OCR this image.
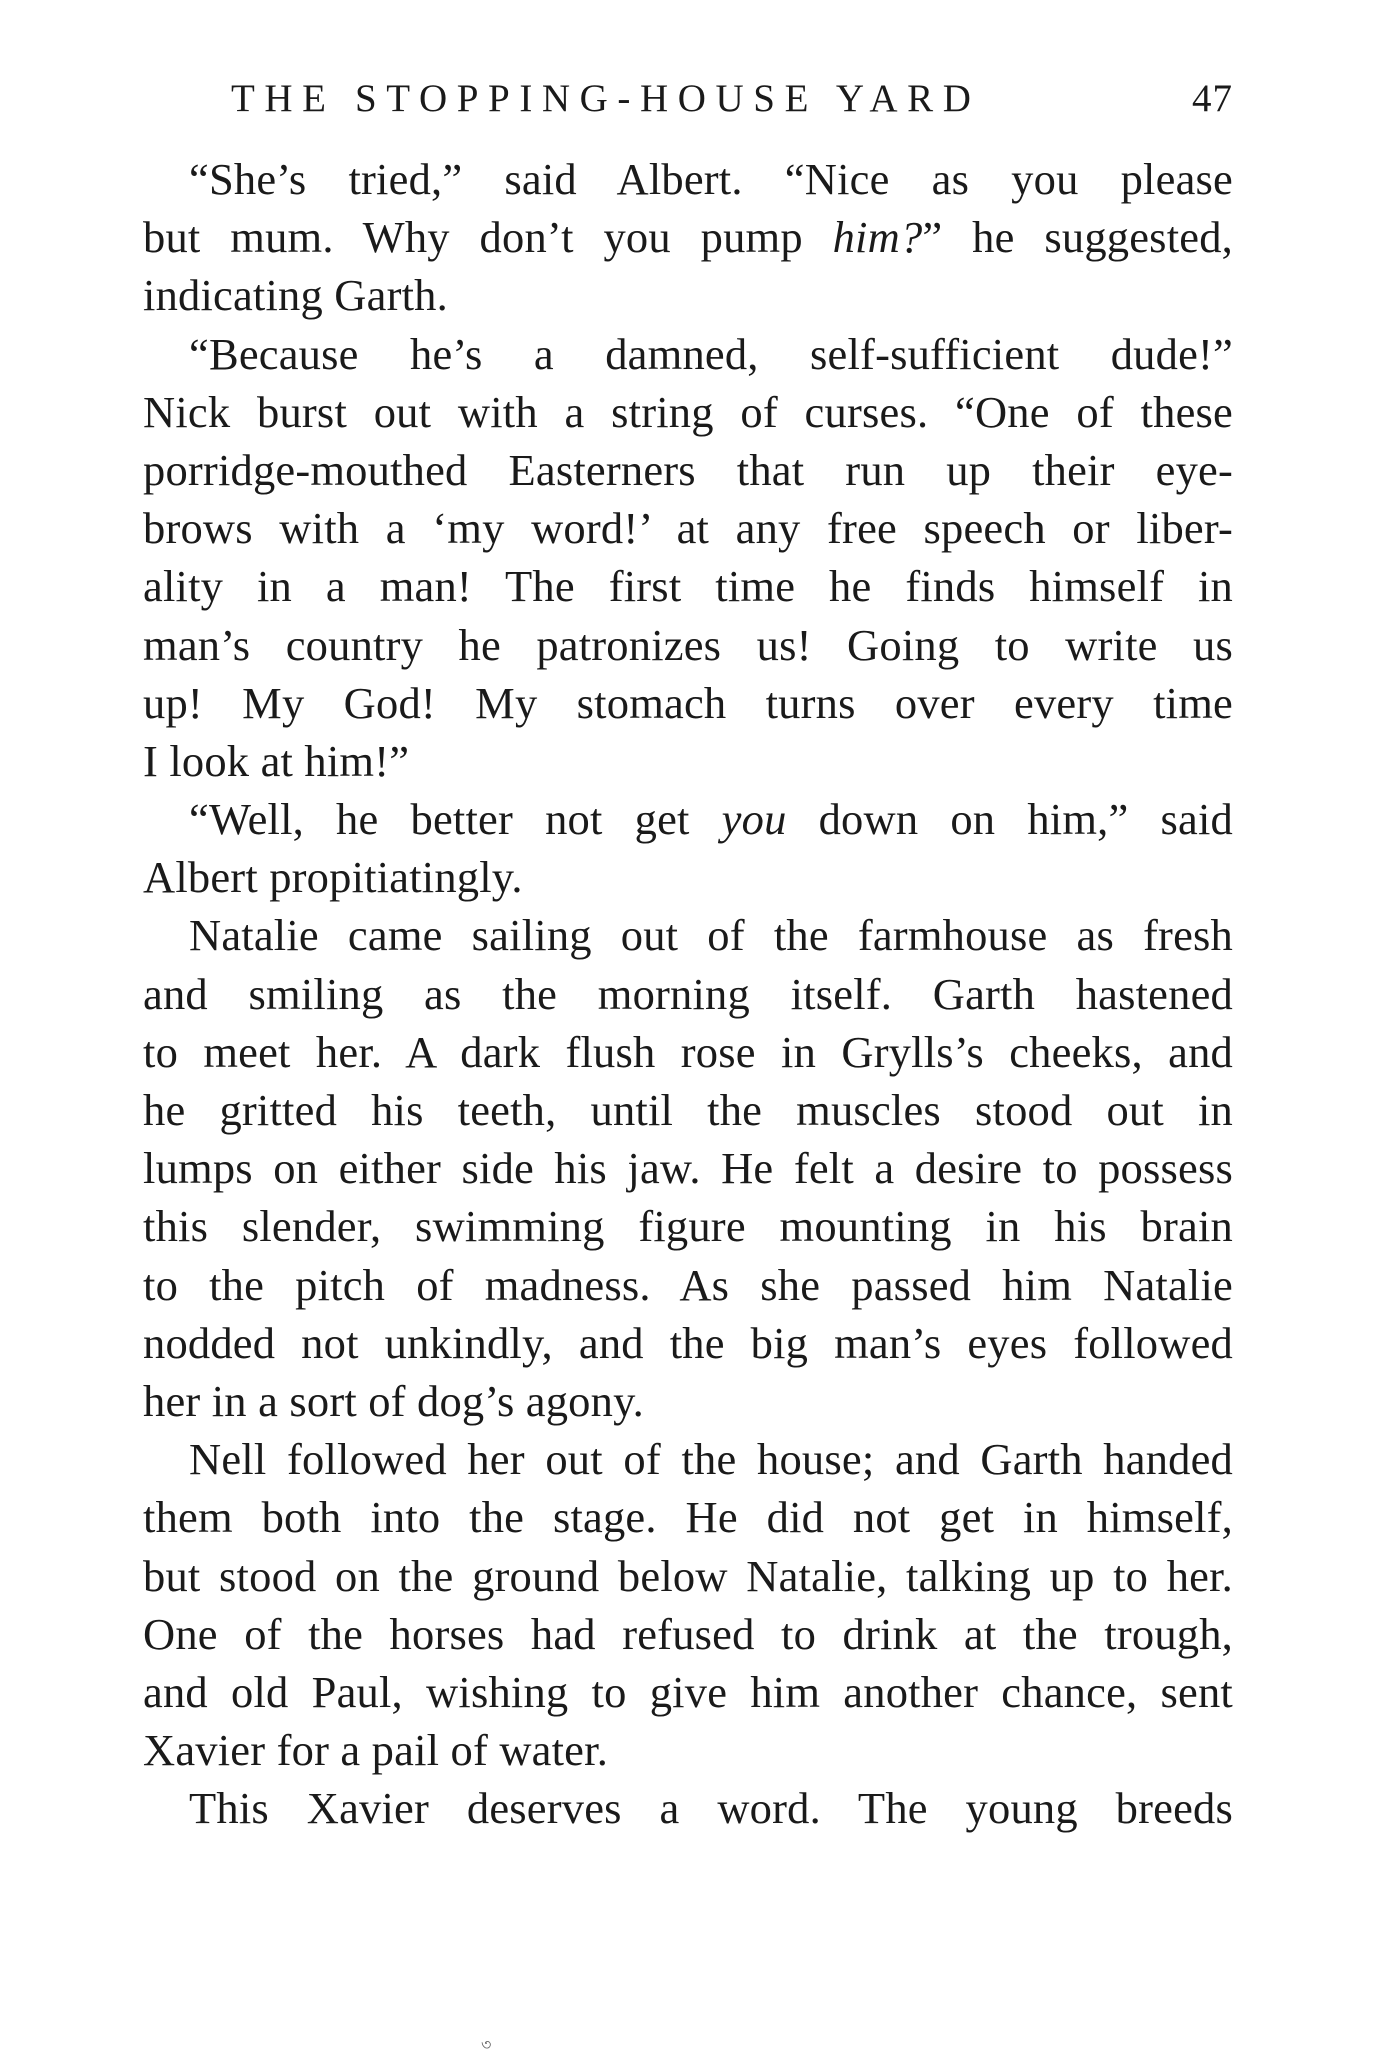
THE STOPPING-HOUSE YARD	47
“She’s tried,” said Albert. “Nice as you please
but mum. Why don’t you pump him?” he suggested,
indicating Garth.
“Because he’s a damned, self-sufficient dude!”
Nick burst out with a string of curses. “One of these
porridge-mouthed Easterners that run up their eye-
brows with a ‘my word!’ at any free speech or liber-
ality in a man! The first time he finds himself in
man’s country he patronizes us! Going to write us
up! My God! My stomach turns over every time
I look at him!”
“Well, he better not get you down on him,” said
Albert propitiatingly.
Natalie came sailing out of the farmhouse as fresh
and smiling as the morning itself. Garth hastened
to meet her. A dark flush rose in Grylls’s cheeks, and
he gritted his teeth, until the muscles stood out in
lumps on either side his jaw. He felt a desire to possess
this slender, swimming figure mounting in his brain
to the pitch of madness. As she passed him Natalie
nodded not unkindly, and the big man’s eyes followed
her in a sort of dog’s agony.
Nell followed her out of the house; and Garth handed
them both into the stage. He did not get in himself,
but stood on the ground below Natalie, talking up to her.
One of the horses had refused to drink at the trough,
and old Paul, wishing to give him another chance, sent
Xavier for a pail of water.
This Xavier deserves a word. The young breeds
৩
